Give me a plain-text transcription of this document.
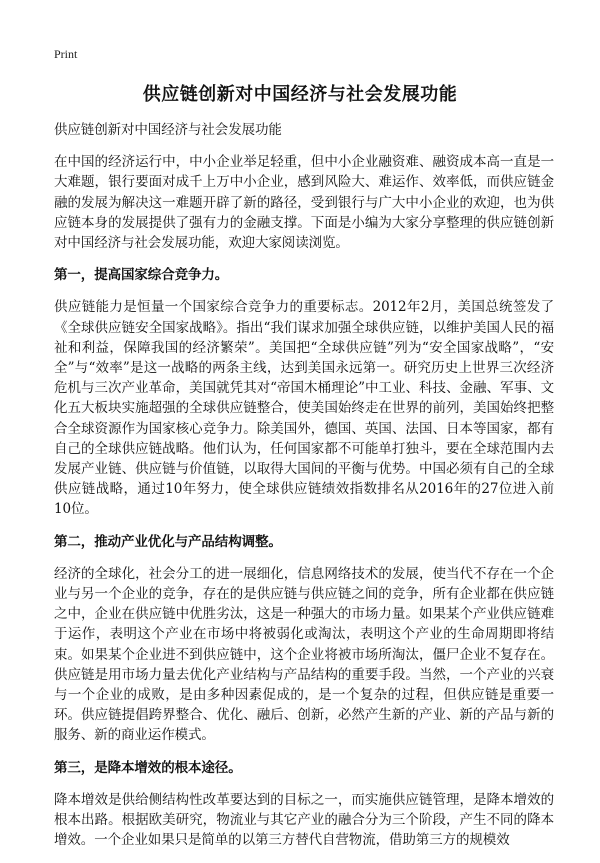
Print
供应链创新对中国经济与社会发展功能

供应链创新对中国经济与社会发展功能

在中国的经济运行中，中小企业举足轻重，但中小企业融资难、融资成本高一直是一大难题，银行要面对成千上万中小企业，感到风险大、难运作、效率低，而供应链金融的发展为解决这一难题开辟了新的路径，受到银行与广大中小企业的欢迎，也为供应链本身的发展提供了强有力的金融支撑。下面是小编为大家分享整理的供应链创新对中国经济与社会发展功能，欢迎大家阅读浏览。

第一，提高国家综合竞争力。

供应链能力是恒量一个国家综合竞争力的重要标志。2012年2月，美国总统签发了《全球供应链安全国家战略》。指出“我们谋求加强全球供应链，以维护美国人民的福祉和利益，保障我国的经济繁荣”。美国把“全球供应链”列为“安全国家战略”，“安全”与“效率”是这一战略的两条主线，达到美国永远第一。研究历史上世界三次经济危机与三次产业革命，美国就凭其对“帝国木桶理论”中工业、科技、金融、军事、文化五大板块实施超强的全球供应链整合，使美国始终走在世界的前列，美国始终把整合全球资源作为国家核心竞争力。除美国外，德国、英国、法国、日本等国家，都有自己的全球供应链战略。他们认为，任何国家都不可能单打独斗，要在全球范围内去发展产业链、供应链与价值链，以取得大国间的平衡与优势。中国必须有自己的全球供应链战略，通过10年努力，使全球供应链绩效指数排名从2016年的27位进入前10位。

第二，推动产业优化与产品结构调整。

经济的全球化，社会分工的进一展细化，信息网络技术的发展，使当代不存在一个企业与另一个企业的竞争，存在的是供应链与供应链之间的竞争，所有企业都在供应链之中，企业在供应链中优胜劣汰，这是一种强大的市场力量。如果某个产业供应链难于运作，表明这个产业在市场中将被弱化或淘汰，表明这个产业的生命周期即将结束。如果某个企业进不到供应链中，这个企业将被市场所淘汰，僵尸企业不复存在。供应链是用市场力量去优化产业结构与产品结构的重要手段。当然，一个产业的兴衰与一个企业的成败，是由多种因素促成的，是一个复杂的过程，但供应链是重要一环。供应链提倡跨界整合、优化、融后、创新，必然产生新的产业、新的产品与新的服务、新的商业运作模式。

第三，是降本增效的根本途径。

降本增效是供给侧结构性改革要达到的目标之一，而实施供应链管理，是降本增效的根本出路。根据欧美研究，物流业与其它产业的融合分为三个阶段，产生不同的降本增效。一个企业如果只是简单的以第三方替代自营物流，借助第三方的规模效
